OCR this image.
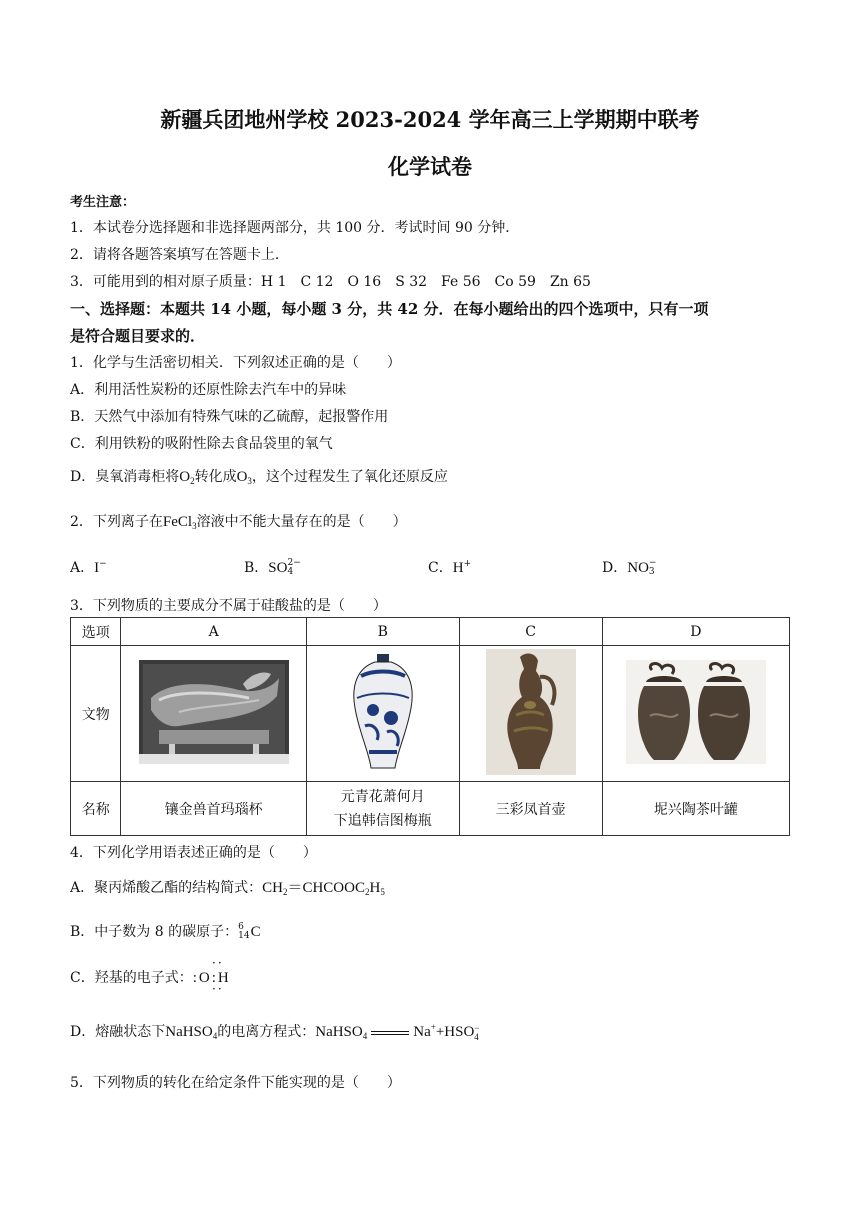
新疆兵团地州学校 2023-2024 学年高三上学期期中联考
化学试卷
考生注意：
1．本试卷分选择题和非选择题两部分，共 100 分．考试时间 90 分钟．
2．请将各题答案填写在答题卡上．
3．可能用到的相对原子质量：H 1　C 12　O 16　S 32　Fe 56　Co 59　Zn 65
一、选择题：本题共 14 小题，每小题 3 分，共 42 分．在每小题给出的四个选项中，只有一项
是符合题目要求的．
1．化学与生活密切相关．下列叙述正确的是（　　）
A．利用活性炭粉的还原性除去汽车中的异味
B．天然气中添加有特殊气味的乙硫醇，起报警作用
C．利用铁粉的吸附性除去食品袋里的氧气
D．臭氧消毒柜将$O_2$转化成$O_3$，这个过程发生了氧化还原反应
2．下列离子在FeCl$_3$溶液中不能大量存在的是（　　）
A．I−	B．SO2−
4	C．H+	D．NO−
3
3．下列物质的主要成分不属于硅酸盐的是（　　）
选项	A	B	C	D
文物				
名称	镶金兽首玛瑙杯	元青花萧何月
下追韩信图梅瓶	三彩凤首壶	坭兴陶茶叶罐
4．下列化学用语表述正确的是（　　）
A．聚丙烯酸乙酯的结构简式：$CH_2=CHCOOC_2H_5$
B．中子数为 8 的碳原子：6
14C
C．羟基的电子式：:O:H
··
··
D．熔融状态下NaHSO$_4$的电离方程式：NaHSO$_4$	Na++HSO−
4
5．下列物质的转化在给定条件下能实现的是（　　）
